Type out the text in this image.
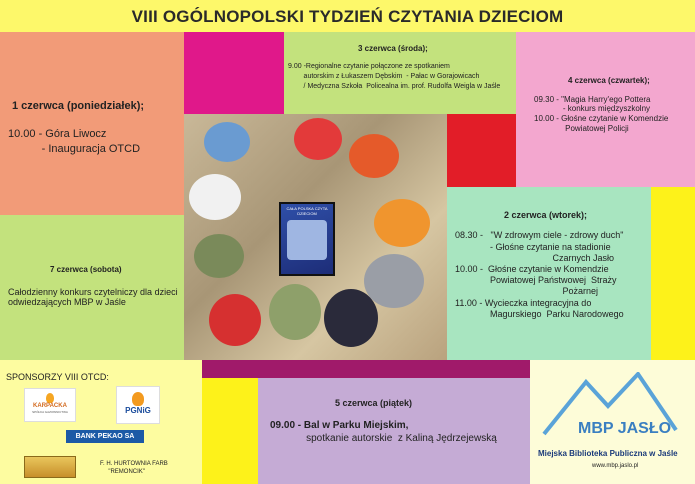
VIII OGÓLNOPOLSKI TYDZIEŃ CZYTANIA DZIECIOM
1 czerwca (poniedziałek);
10.00 - Góra Liwocz
- Inauguracja OTCD
3 czerwca (środa);
9.00 -Regionalne czytanie połączone ze spotkaniem
autorskim z Łukaszem Dębskim  - Pałac w Gorajowicach
/ Medyczna Szkoła  Policealna im. prof. Rudolfa Weigla w Jaśle
4 czerwca (czwartek);
09.30 - "Magia Harry'ego Pottera
- konkurs międzyszkolny
10.00 - Głośne czytanie w Komendzie
Powiatowej Policji
2 czerwca (wtorek);
08.30 -   "W zdrowym ciele - zdrowy duch"
- Głośne czytanie na stadionie
Czarnych Jasło
10.00 -  Głośne czytanie w Komendzie
Powiatowej Państwowej  Straży
Pożarnej
11.00 - Wycieczka integracyjna do
Magurskiego  Parku Narodowego
7 czerwca (sobota)
Całodzienny konkurs czytelniczy dla dzieci
odwiedzających MBP w Jaśle
5 czerwca (piątek)
09.00 - Bal w Parku Miejskim,
spotkanie autorskie  z Kaliną Jędrzejewską
CAŁA POLSKA CZYTA DZIECIOM
SPONSORZY VIII OTCD:
KARPACKA
SPÓŁKA GAZOWNICTWA	PGNiG
BANK PEKAO SA
F. H. HURTOWNIA FARB
"REMONCIK"
MBP JASŁO
Miejska Biblioteka Publiczna w Jaśle
www.mbp.jaslo.pl
